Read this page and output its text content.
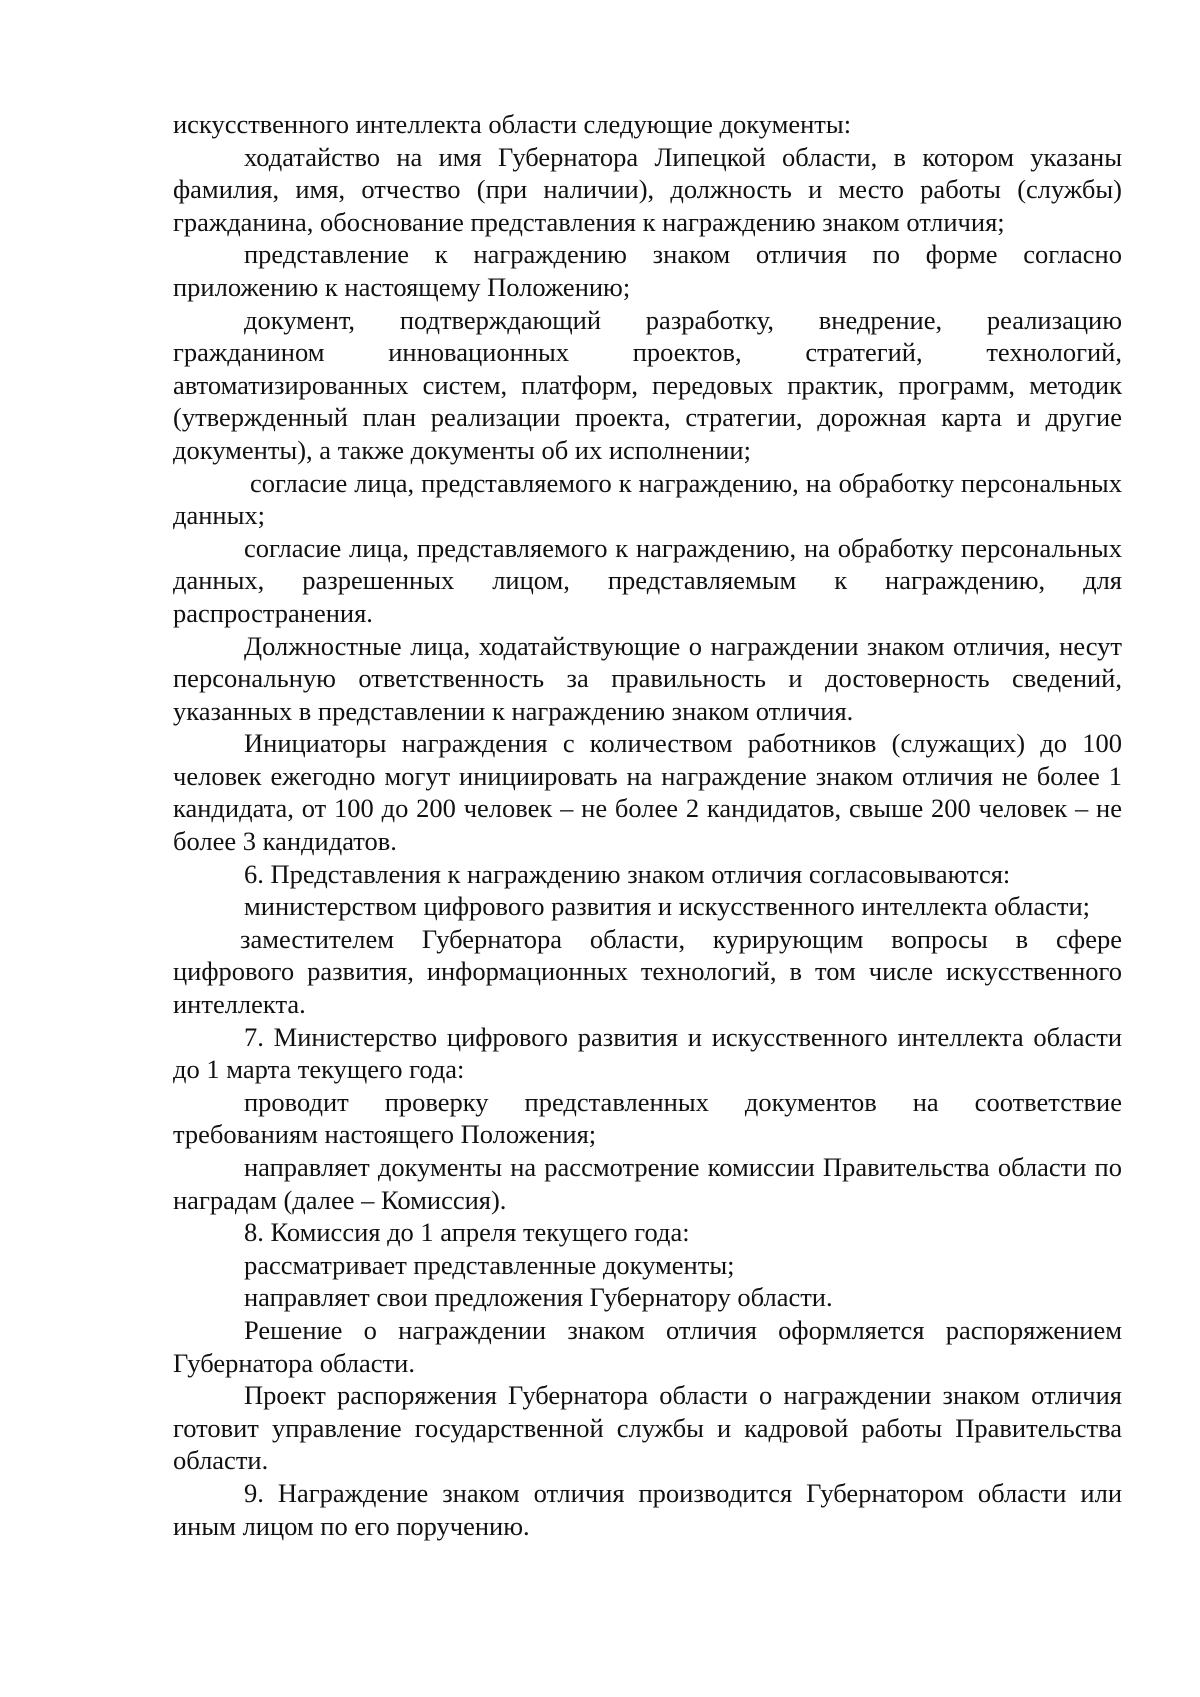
искусственного интеллекта области следующие документы:

ходатайство на имя Губернатора Липецкой области, в котором указаны фамилия, имя, отчество (при наличии), должность и место работы (службы) гражданина, обоснование представления к награждению знаком отличия;

представление к награждению знаком отличия по форме согласно приложению к настоящему Положению;

документ, подтверждающий разработку, внедрение, реализацию гражданином инновационных проектов, стратегий, технологий, автоматизированных систем, платформ, передовых практик, программ, методик (утвержденный план реализации проекта, стратегии, дорожная карта и другие документы), а также документы об их исполнении;

согласие лица, представляемого к награждению, на обработку персональных данных;

согласие лица, представляемого к награждению, на обработку персональных данных, разрешенных лицом, представляемым к награждению, для распространения.

Должностные лица, ходатайствующие о награждении знаком отличия, несут персональную ответственность за правильность и достоверность сведений, указанных в представлении к награждению знаком отличия.

Инициаторы награждения с количеством работников (служащих) до 100 человек ежегодно могут инициировать на награждение знаком отличия не более 1 кандидата, от 100 до 200 человек – не более 2 кандидатов, свыше 200 человек – не более 3 кандидатов.

6. Представления к награждению знаком отличия согласовываются:

министерством цифрового развития и искусственного интеллекта области;

заместителем Губернатора области, курирующим вопросы в сфере цифрового развития, информационных технологий, в том числе искусственного интеллекта.

7. Министерство цифрового развития и искусственного интеллекта области до 1 марта текущего года:

проводит проверку представленных документов на соответствие требованиям настоящего Положения;

направляет документы на рассмотрение комиссии Правительства области по наградам (далее – Комиссия).

8. Комиссия до 1 апреля текущего года:

рассматривает представленные документы;

направляет свои предложения Губернатору области.

Решение о награждении знаком отличия оформляется распоряжением Губернатора области.

Проект распоряжения Губернатора области о награждении знаком отличия готовит управление государственной службы и кадровой работы Правительства области.

9. Награждение знаком отличия производится Губернатором области или иным лицом по его поручению.
